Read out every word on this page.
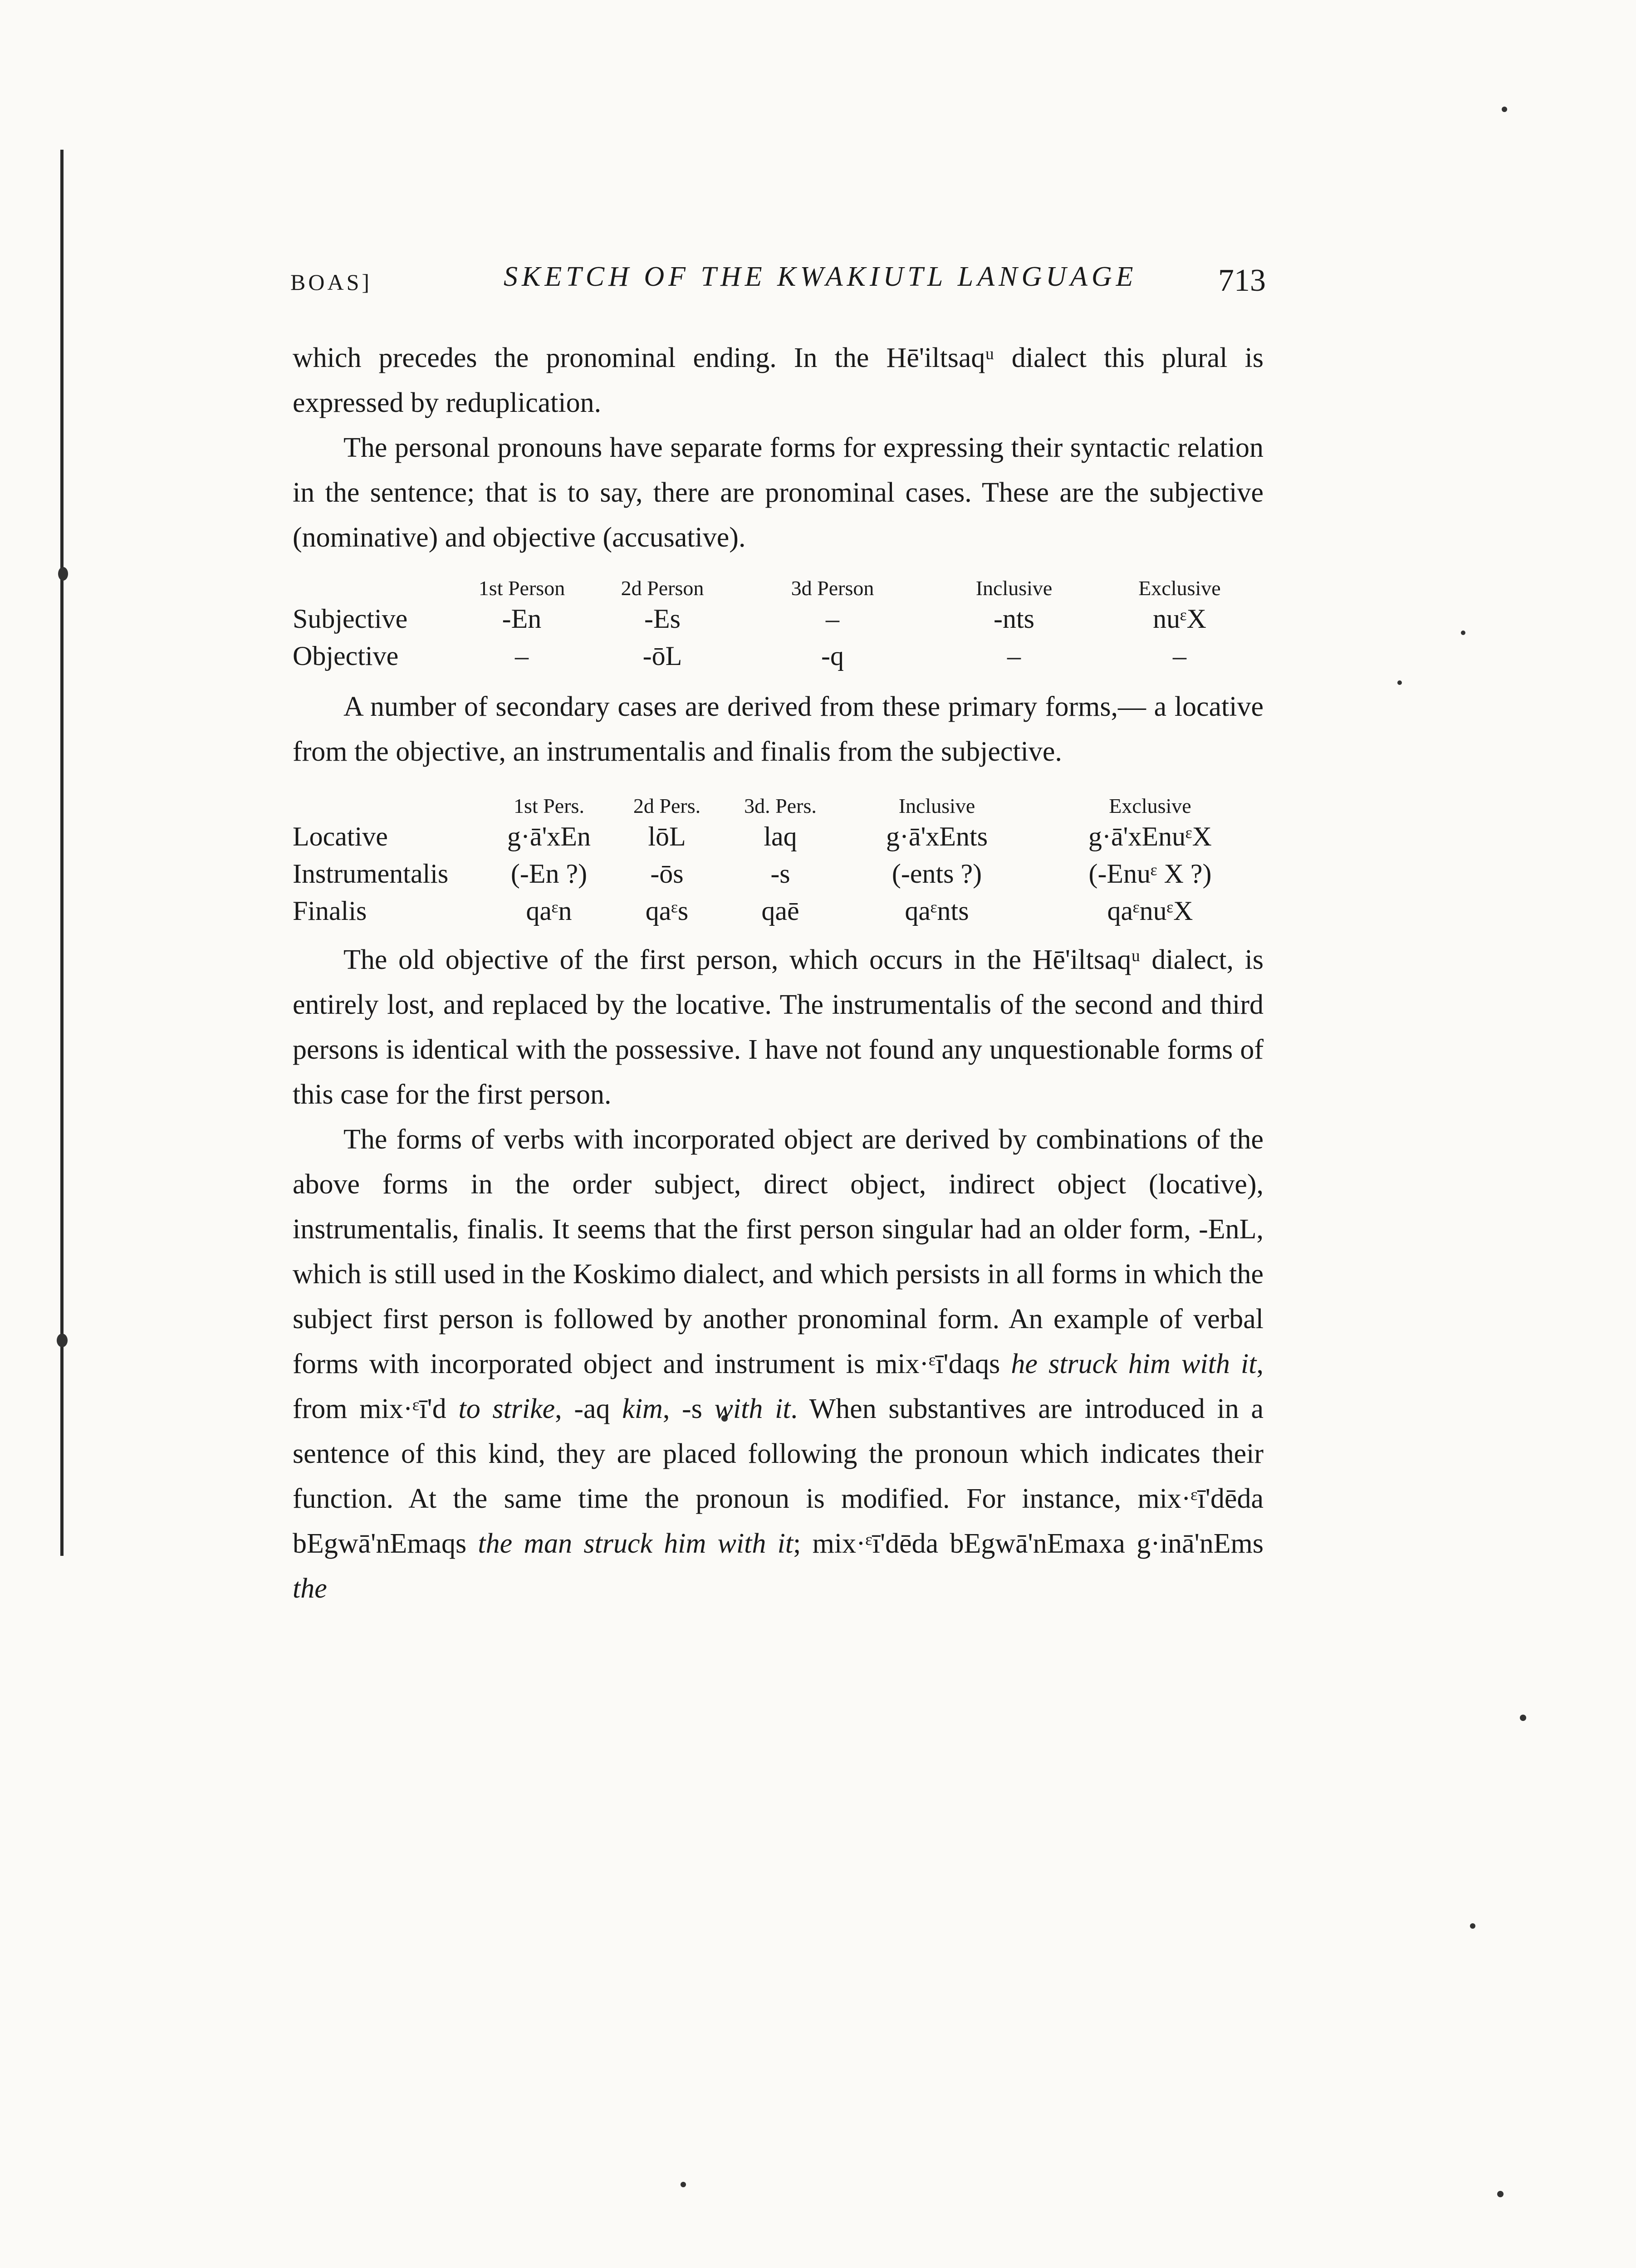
BOAS]	SKETCH OF THE KWAKIUTL LANGUAGE	713

which precedes the pronominal ending. In the Hē'iltsaqᵘ dialect this plural is expressed by reduplication.

The personal pronouns have separate forms for expressing their syntactic relation in the sentence; that is to say, there are pronominal cases. These are the subjective (nominative) and objective (accusative).

	1st Person	2d Person	3d Person	Inclusive	Exclusive
Subjective	-En	-Es	–	-nts	nuᵋX
Objective	–	-ōL	-q	–	–

A number of secondary cases are derived from these primary forms,— a locative from the objective, an instrumentalis and finalis from the subjective.

	1st Pers.	2d Pers.	3d. Pers.	Inclusive	Exclusive
Locative	g·ā'xEn	lōL	laq	g·ā'xEnts	g·ā'xEnuᵋX
Instrumentalis	(-En ?)	-ōs	-s	(-ents ?)	(-Enuᵋ X ?)
Finalis	qaᵋn	qaᵋs	qaē	qaᵋnts	qaᵋnuᵋX

The old objective of the first person, which occurs in the Hē'iltsaqᵘ dialect, is entirely lost, and replaced by the locative. The instrumentalis of the second and third persons is identical with the possessive. I have not found any unquestionable forms of this case for the first person.

The forms of verbs with incorporated object are derived by combinations of the above forms in the order subject, direct object, indirect object (locative), instrumentalis, finalis. It seems that the first person singular had an older form, -EnL, which is still used in the Koskimo dialect, and which persists in all forms in which the subject first person is followed by another pronominal form. An example of verbal forms with incorporated object and instrument is mix·ᵋī'daqs he struck him with it, from mix·ᵋī'd to strike, -aq kim, -s with it. When substantives are introduced in a sentence of this kind, they are placed following the pronoun which indicates their function. At the same time the pronoun is modified. For instance, mix·ᵋī'dēda bEgwā'nEmaqs the man struck him with it; mix·ᵋī'dēda bEgwā'nEmaxa g·inā'nEms the
